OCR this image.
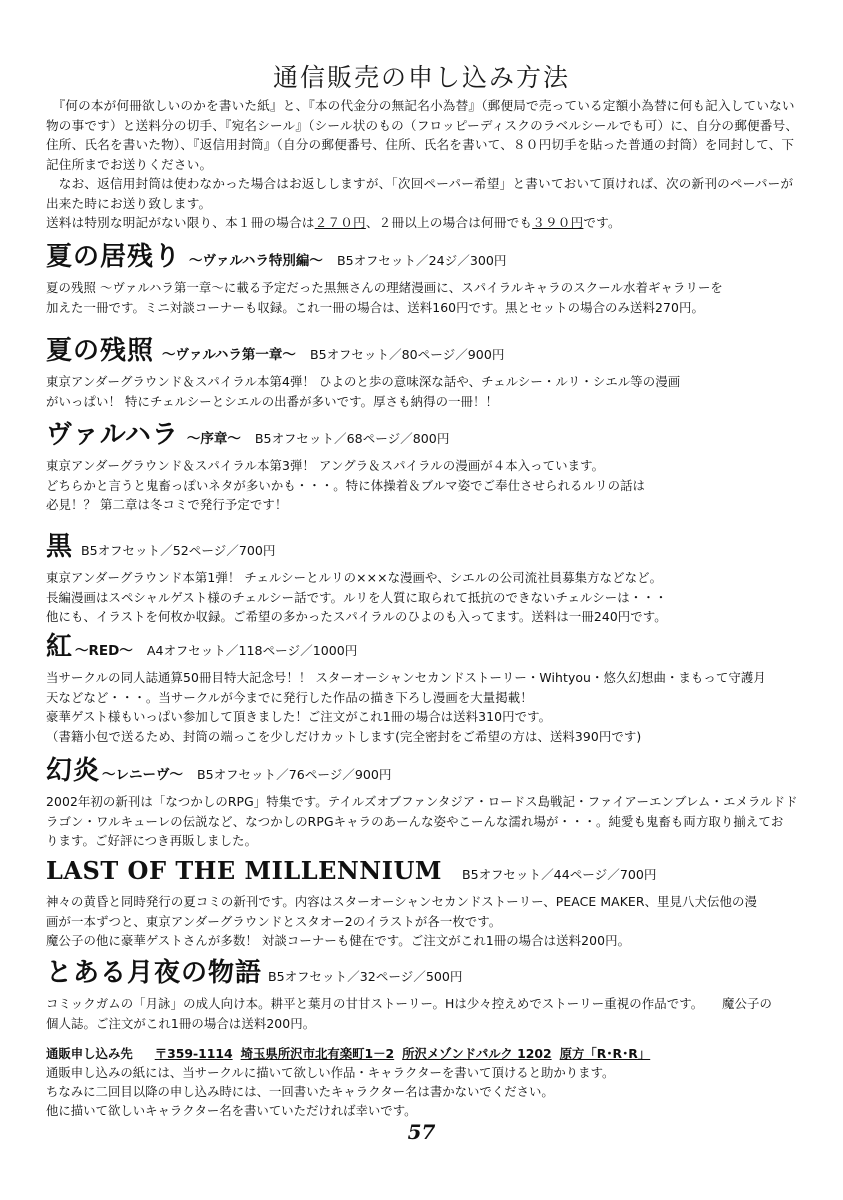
通信販売の申し込み方法

　『何の本が何冊欲しいのかを書いた紙』と、『本の代金分の無記名小為替』（郵便局で売っている定額小為替に何も記入していない物の事です）と送料分の切手、『宛名シール』（シール状のもの（フロッピーディスクのラベルシールでも可）に、自分の郵便番号、住所、氏名を書いた物）、『返信用封筒』（自分の郵便番号、住所、氏名を書いて、８０円切手を貼った普通の封筒）を同封して、下記住所までお送りください。

　なお、返信用封筒は使わなかった場合はお返ししますが、「次回ペーパー希望」と書いておいて頂ければ、次の新刊のペーパーが出来た時にお送り致します。

送料は特別な明記がない限り、本１冊の場合は２７０円、２冊以上の場合は何冊でも３９０円です。

夏の居残り ～ヴァルハラ特別編～ B5オフセット／24ジ／300円

夏の残照 ～ヴァルハラ第一章～に載る予定だった黒無さんの理緒漫画に、スパイラルキャラのスクール水着ギャラリーを

加えた一冊です。ミニ対談コーナーも収録。これ一冊の場合は、送料160円です。黒とセットの場合のみ送料270円。

夏の残照 ～ヴァルハラ第一章～ B5オフセット／80ページ／900円

東京アンダーグラウンド＆スパイラル本第4弾！ ひよのと歩の意味深な話や、チェルシー・ルリ・シエル等の漫画

がいっぱい！ 特にチェルシーとシエルの出番が多いです。厚さも納得の一冊！！

ヴァルハラ ～序章～ B5オフセット／68ページ／800円

東京アンダーグラウンド＆スパイラル本第3弾！ アングラ＆スパイラルの漫画が４本入っています。

どちらかと言うと鬼畜っぽいネタが多いかも・・・。特に体操着＆ブルマ姿でご奉仕させられるルリの話は

必見！？ 第二章は冬コミで発行予定です！

黒 B5オフセット／52ページ／700円

東京アンダーグラウンド本第1弾！ チェルシーとルリの×××な漫画や、シエルの公司流社員募集方などなど。

長編漫画はスペシャルゲスト様のチェルシー話です。ルリを人質に取られて抵抗のできないチェルシーは・・・

他にも、イラストを何枚か収録。ご希望の多かったスパイラルのひよのも入ってます。送料は一冊240円です。

紅 ～RED～ A4オフセット／118ページ／1000円

当サークルの同人誌通算50冊目特大記念号！！ スターオーシャンセカンドストーリー・Wihtyou・悠久幻想曲・まもって守護月

天などなど・・・。当サークルが今までに発行した作品の描き下ろし漫画を大量掲載！

豪華ゲスト様もいっぱい参加して頂きました！ご注文がこれ1冊の場合は送料310円です。

（書籍小包で送るため、封筒の端っこを少しだけカットします(完全密封をご希望の方は、送料390円です)

幻炎 ～レニーヴ～ B5オフセット／76ページ／900円

2002年初の新刊は「なつかしのRPG」特集です。テイルズオブファンタジア・ロードス島戦記・ファイアーエンブレム・エメラルドド

ラゴン・ワルキューレの伝説など、なつかしのRPGキャラのあーんな姿やこーんな濡れ場が・・・。純愛も鬼畜も両方取り揃えてお

ります。ご好評につき再販しました。

LAST OF THE MILLENNIUM B5オフセット／44ページ／700円

神々の黄昏と同時発行の夏コミの新刊です。内容はスターオーシャンセカンドストーリー、PEACE MAKER、里見八犬伝他の漫

画が一本ずつと、東京アンダーグラウンドとスタオー2のイラストが各一枚です。

魔公子の他に豪華ゲストさんが多数！ 対談コーナーも健在です。ご注文がこれ1冊の場合は送料200円。

とある月夜の物語 B5オフセット／32ページ／500円

コミックガムの「月詠」の成人向け本。耕平と葉月の甘甘ストーリー。Hは少々控えめでストーリー重視の作品です。　　魔公子の

個人誌。ご注文がこれ1冊の場合は送料200円。

通販申し込み先 〒359-1114 埼玉県所沢市北有楽町1－2 所沢メゾンドパルク 1202 原方「R･R･R」

通販申し込みの紙には、当サークルに描いて欲しい作品・キャラクターを書いて頂けると助かります。

ちなみに二回目以降の申し込み時には、一回書いたキャラクター名は書かないでください。

他に描いて欲しいキャラクター名を書いていただければ幸いです。

57
